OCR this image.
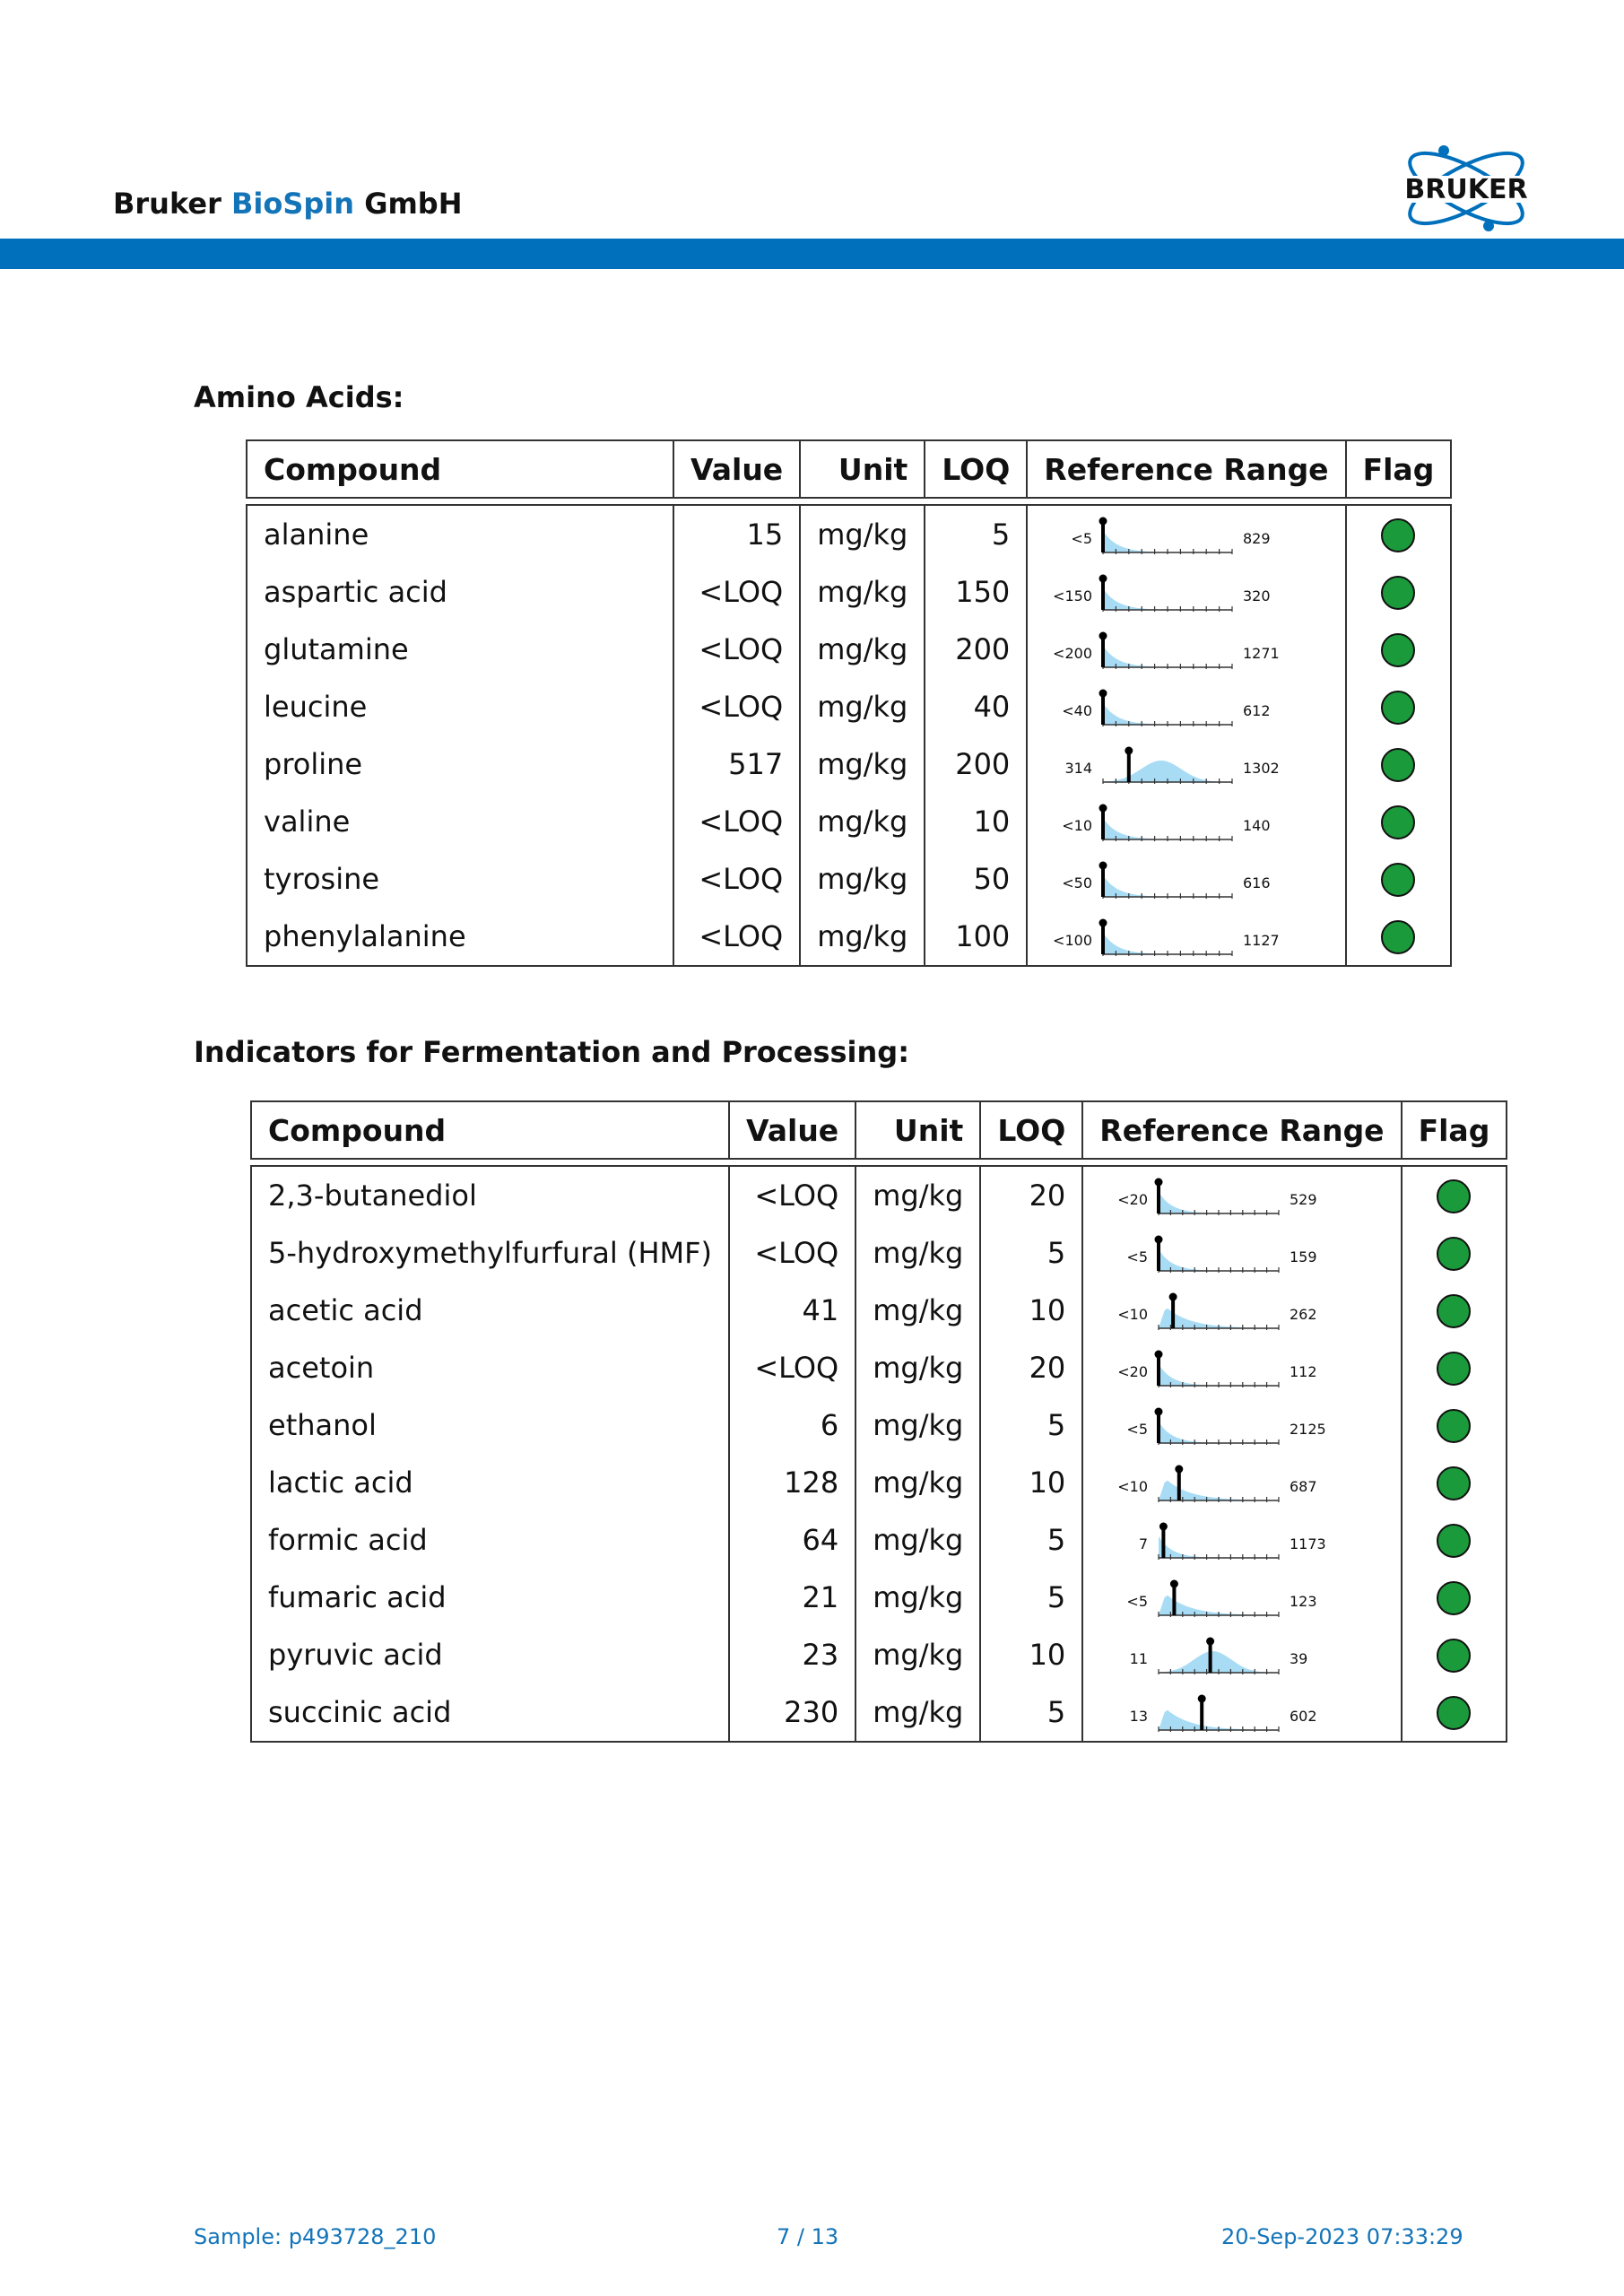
Bruker BioSpin GmbH	BRUKER
Amino Acids:
Compound	Value	Unit	LOQ	Reference Range	Flag

alanine	15	mg/kg	5	<5 829	

aspartic acid	<LOQ	mg/kg	150	<150 320	

glutamine	<LOQ	mg/kg	200	<200 1271	

leucine	<LOQ	mg/kg	40	<40 612	

proline	517	mg/kg	200	314 1302	

valine	<LOQ	mg/kg	10	<10 140	

tyrosine	<LOQ	mg/kg	50	<50 616	

phenylalanine	<LOQ	mg/kg	100	<100 1127	

Indicators for Fermentation and Processing:
Compound	Value	Unit	LOQ	Reference Range	Flag

2,3-butanediol	<LOQ	mg/kg	20	<20 529	

5-hydroxymethylfurfural (HMF)	<LOQ	mg/kg	5	<5 159	

acetic acid	41	mg/kg	10	<10 262	

acetoin	<LOQ	mg/kg	20	<20 112	

ethanol	6	mg/kg	5	<5 2125	

lactic acid	128	mg/kg	10	<10 687	

formic acid	64	mg/kg	5	7 1173	

fumaric acid	21	mg/kg	5	<5 123	

pyruvic acid	23	mg/kg	10	11 39	

succinic acid	230	mg/kg	5	13 602	

Sample: p493728_210	7 / 13	20-Sep-2023 07:33:29
